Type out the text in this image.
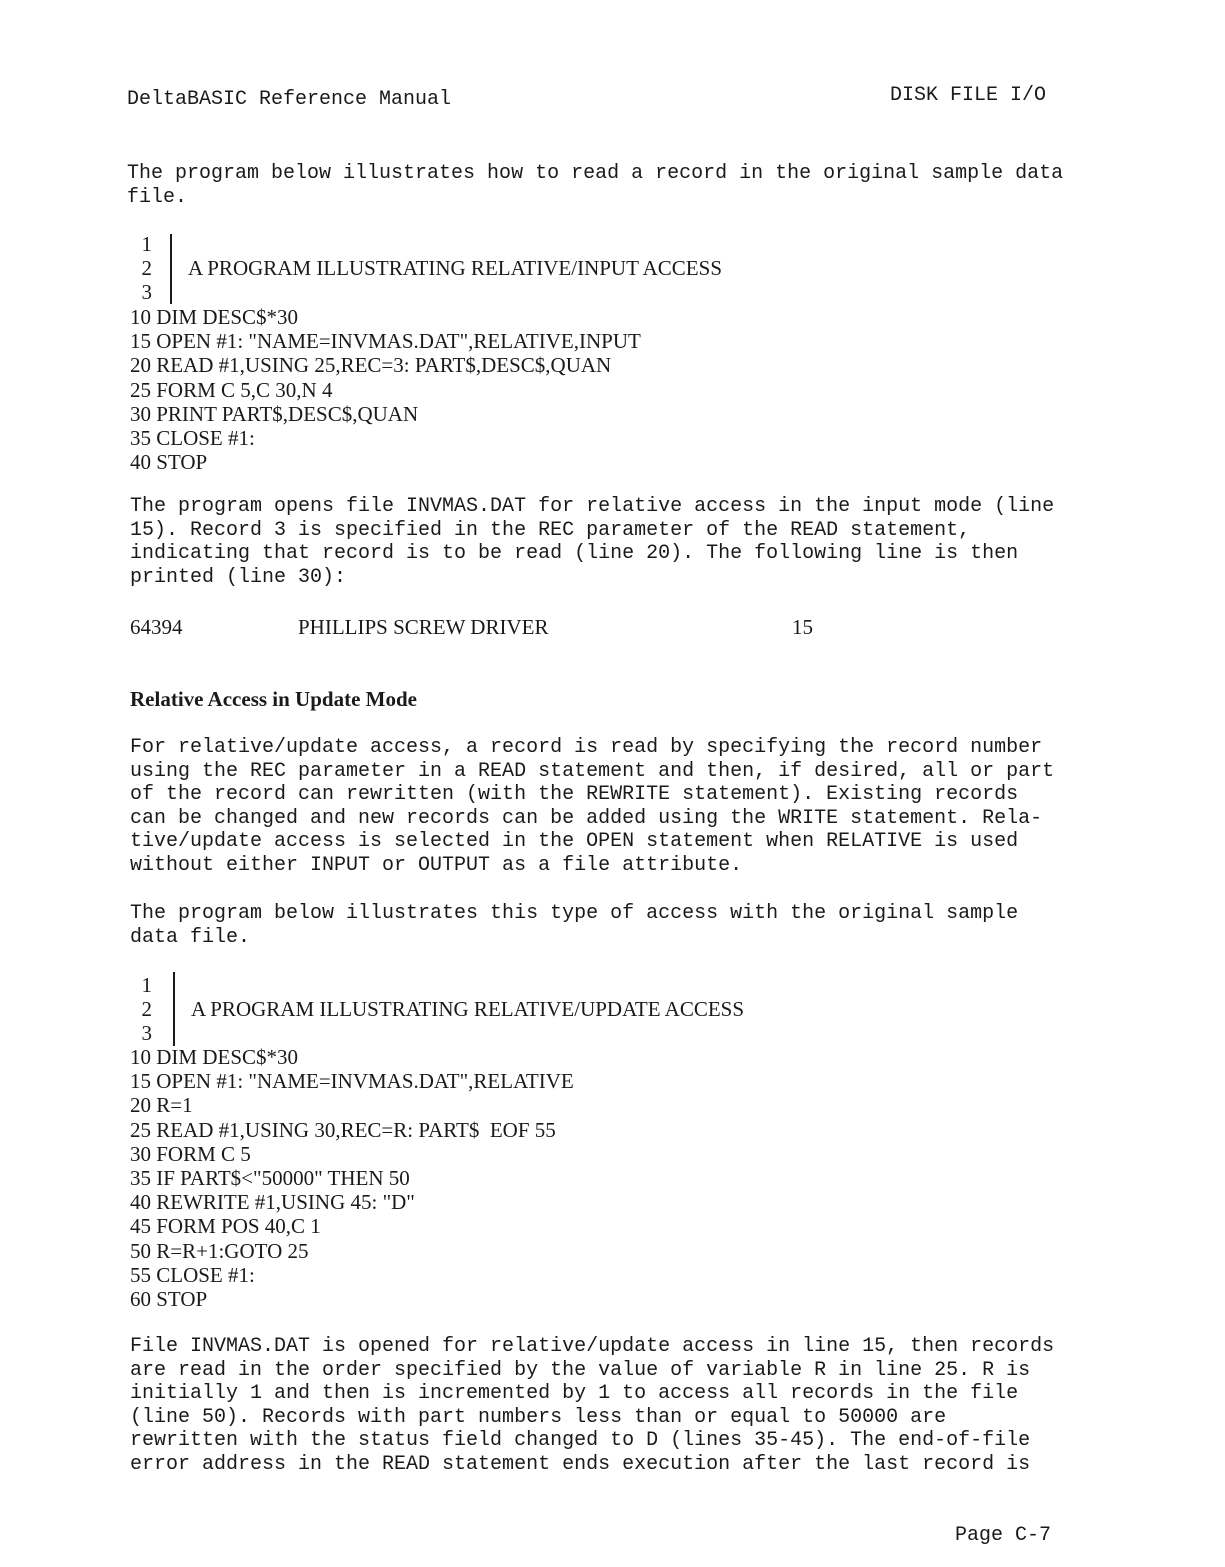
DeltaBASIC Reference Manual	DISK FILE I/O
The program below illustrates how to read a record in the original sample data
file.
1
2 A PROGRAM ILLUSTRATING RELATIVE/INPUT ACCESS
3
10 DIM DESC$*30
15 OPEN #1: "NAME=INVMAS.DAT",RELATIVE,INPUT
20 READ #1,USING 25,REC=3: PART$,DESC$,QUAN
25 FORM C 5,C 30,N 4
30 PRINT PART$,DESC$,QUAN
35 CLOSE #1:
40 STOP
The program opens file INVMAS.DAT for relative access in the input mode (line
15). Record 3 is specified in the REC parameter of the READ statement,
indicating that record is to be read (line 20). The following line is then
printed (line 30):
64394	PHILLIPS SCREW DRIVER	15
Relative Access in Update Mode
For relative/update access, a record is read by specifying the record number
using the REC parameter in a READ statement and then, if desired, all or part
of the record can rewritten (with the REWRITE statement). Existing records
can be changed and new records can be added using the WRITE statement. Rela-
tive/update access is selected in the OPEN statement when RELATIVE is used
without either INPUT or OUTPUT as a file attribute.
The program below illustrates this type of access with the original sample
data file.
1
2 A PROGRAM ILLUSTRATING RELATIVE/UPDATE ACCESS
3
10 DIM DESC$*30
15 OPEN #1: "NAME=INVMAS.DAT",RELATIVE
20 R=1
25 READ #1,USING 30,REC=R: PART$  EOF 55
30 FORM C 5
35 IF PART$<"50000" THEN 50
40 REWRITE #1,USING 45: "D"
45 FORM POS 40,C 1
50 R=R+1:GOTO 25
55 CLOSE #1:
60 STOP
File INVMAS.DAT is opened for relative/update access in line 15, then records
are read in the order specified by the value of variable R in line 25. R is
initially 1 and then is incremented by 1 to access all records in the file
(line 50). Records with part numbers less than or equal to 50000 are
rewritten with the status field changed to D (lines 35-45). The end-of-file
error address in the READ statement ends execution after the last record is
Page C-7
